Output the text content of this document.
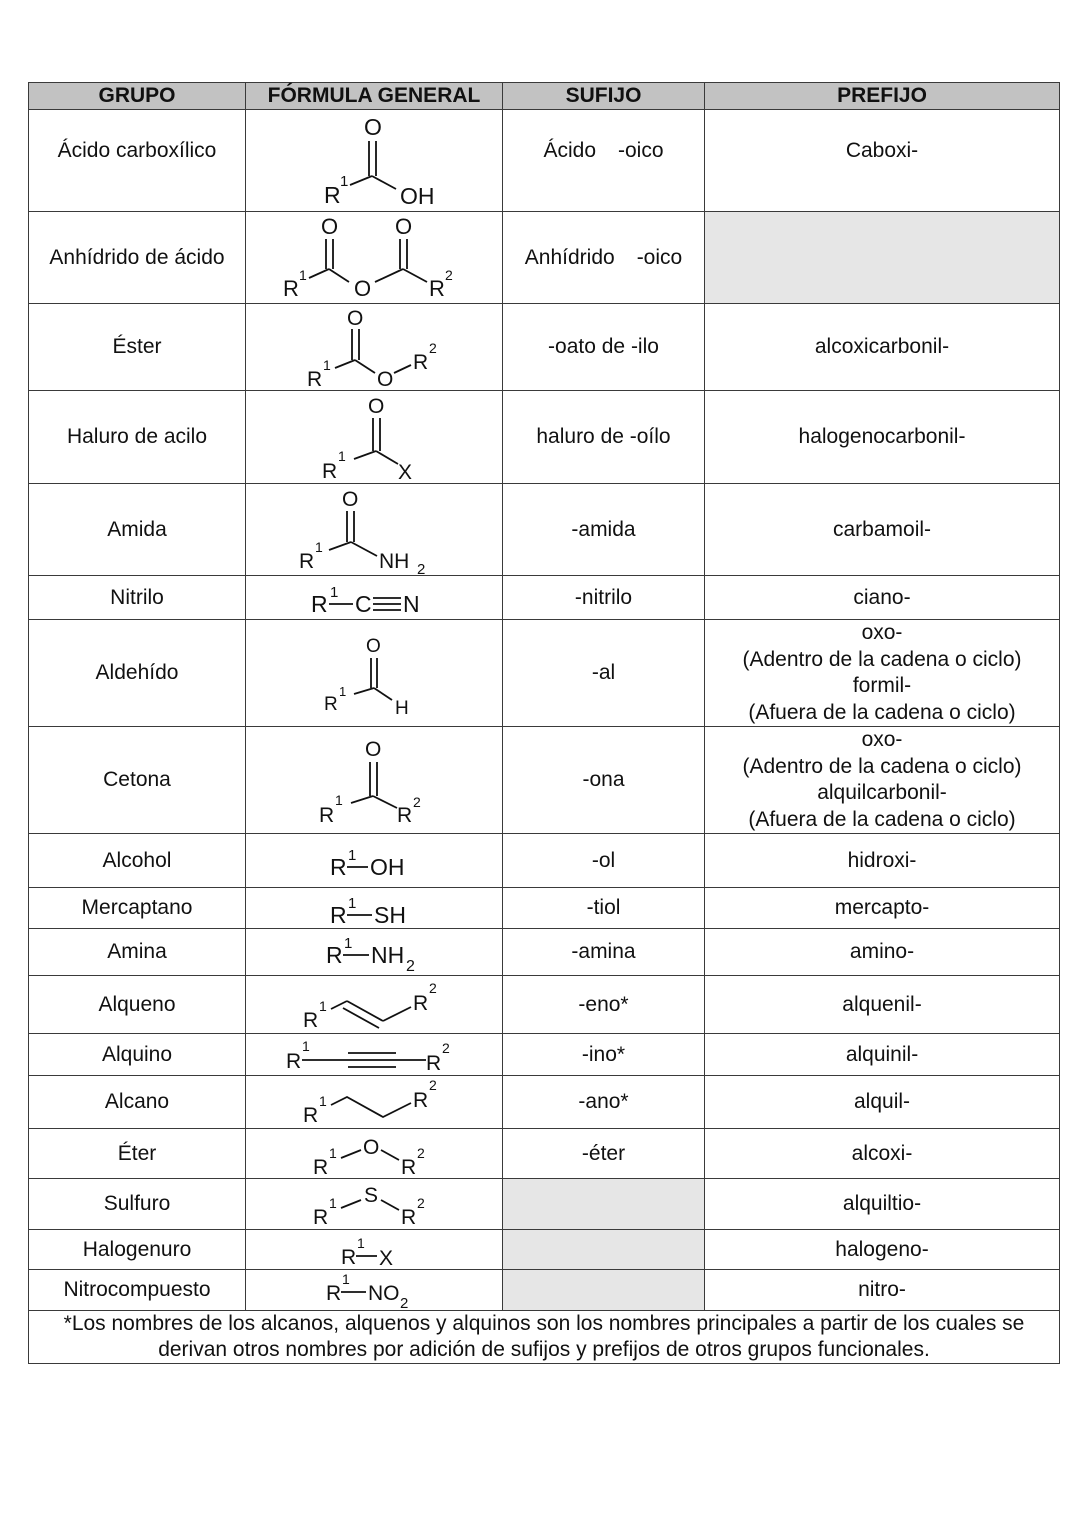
GRUPO	FÓRMULA GENERAL	SUFIJO	PREFIJO
Ácido carboxílico	O
R
1
OH	Ácido -oico	Caboxi-
Anhídrido de ácido	
O	O
O
R
1
R
2
	Anhídrido -oico	
Éster	
O
O
R
1	R
2	-oato de -ilo	alcoxicarbonil-
Haluro de acilo	O
R
1
X	haluro de -oílo	halogenocarbonil-
Amida	O
R
1
NH 2	-amida	carbamoil-
Nitrilo	R 1 C N	-nitrilo	ciano-
Aldehído	
O
R
1
H
	-al	
oxo-
(Adentro de la cadena o ciclo)
formil-
(Afuera de la cadena o ciclo)

Cetona	
O
R
1
R
2
	-ona	
oxo-
(Adentro de la cadena o ciclo)
alquilcarbonil-
(Afuera de la cadena o ciclo)

Alcohol	R 1 OH	-ol	hidroxi-
Mercaptano	R 1 SH	-tiol	mercapto-
Amina	R 1 NH 2	-amina	amino-
Alqueno	R
1 R
2	-eno*	alquenil-
Alquino	R
1
R
2	-ino*	alquinil-
Alcano	R
1 R
2	-ano*	alquil-
Éter	R
1 O
R
2	-éter	alcoxi-
Sulfuro	R
1 S
R
2		alquiltio-
Halogenuro	R
1
X		halogeno-
Nitrocompuesto	R
1
NO 2		nitro-
*Los nombres de los alcanos, alquenos y alquinos son los nombres principales a partir de los cuales se derivan otros nombres por adición de sufijos y prefijos de otros grupos funcionales.			
